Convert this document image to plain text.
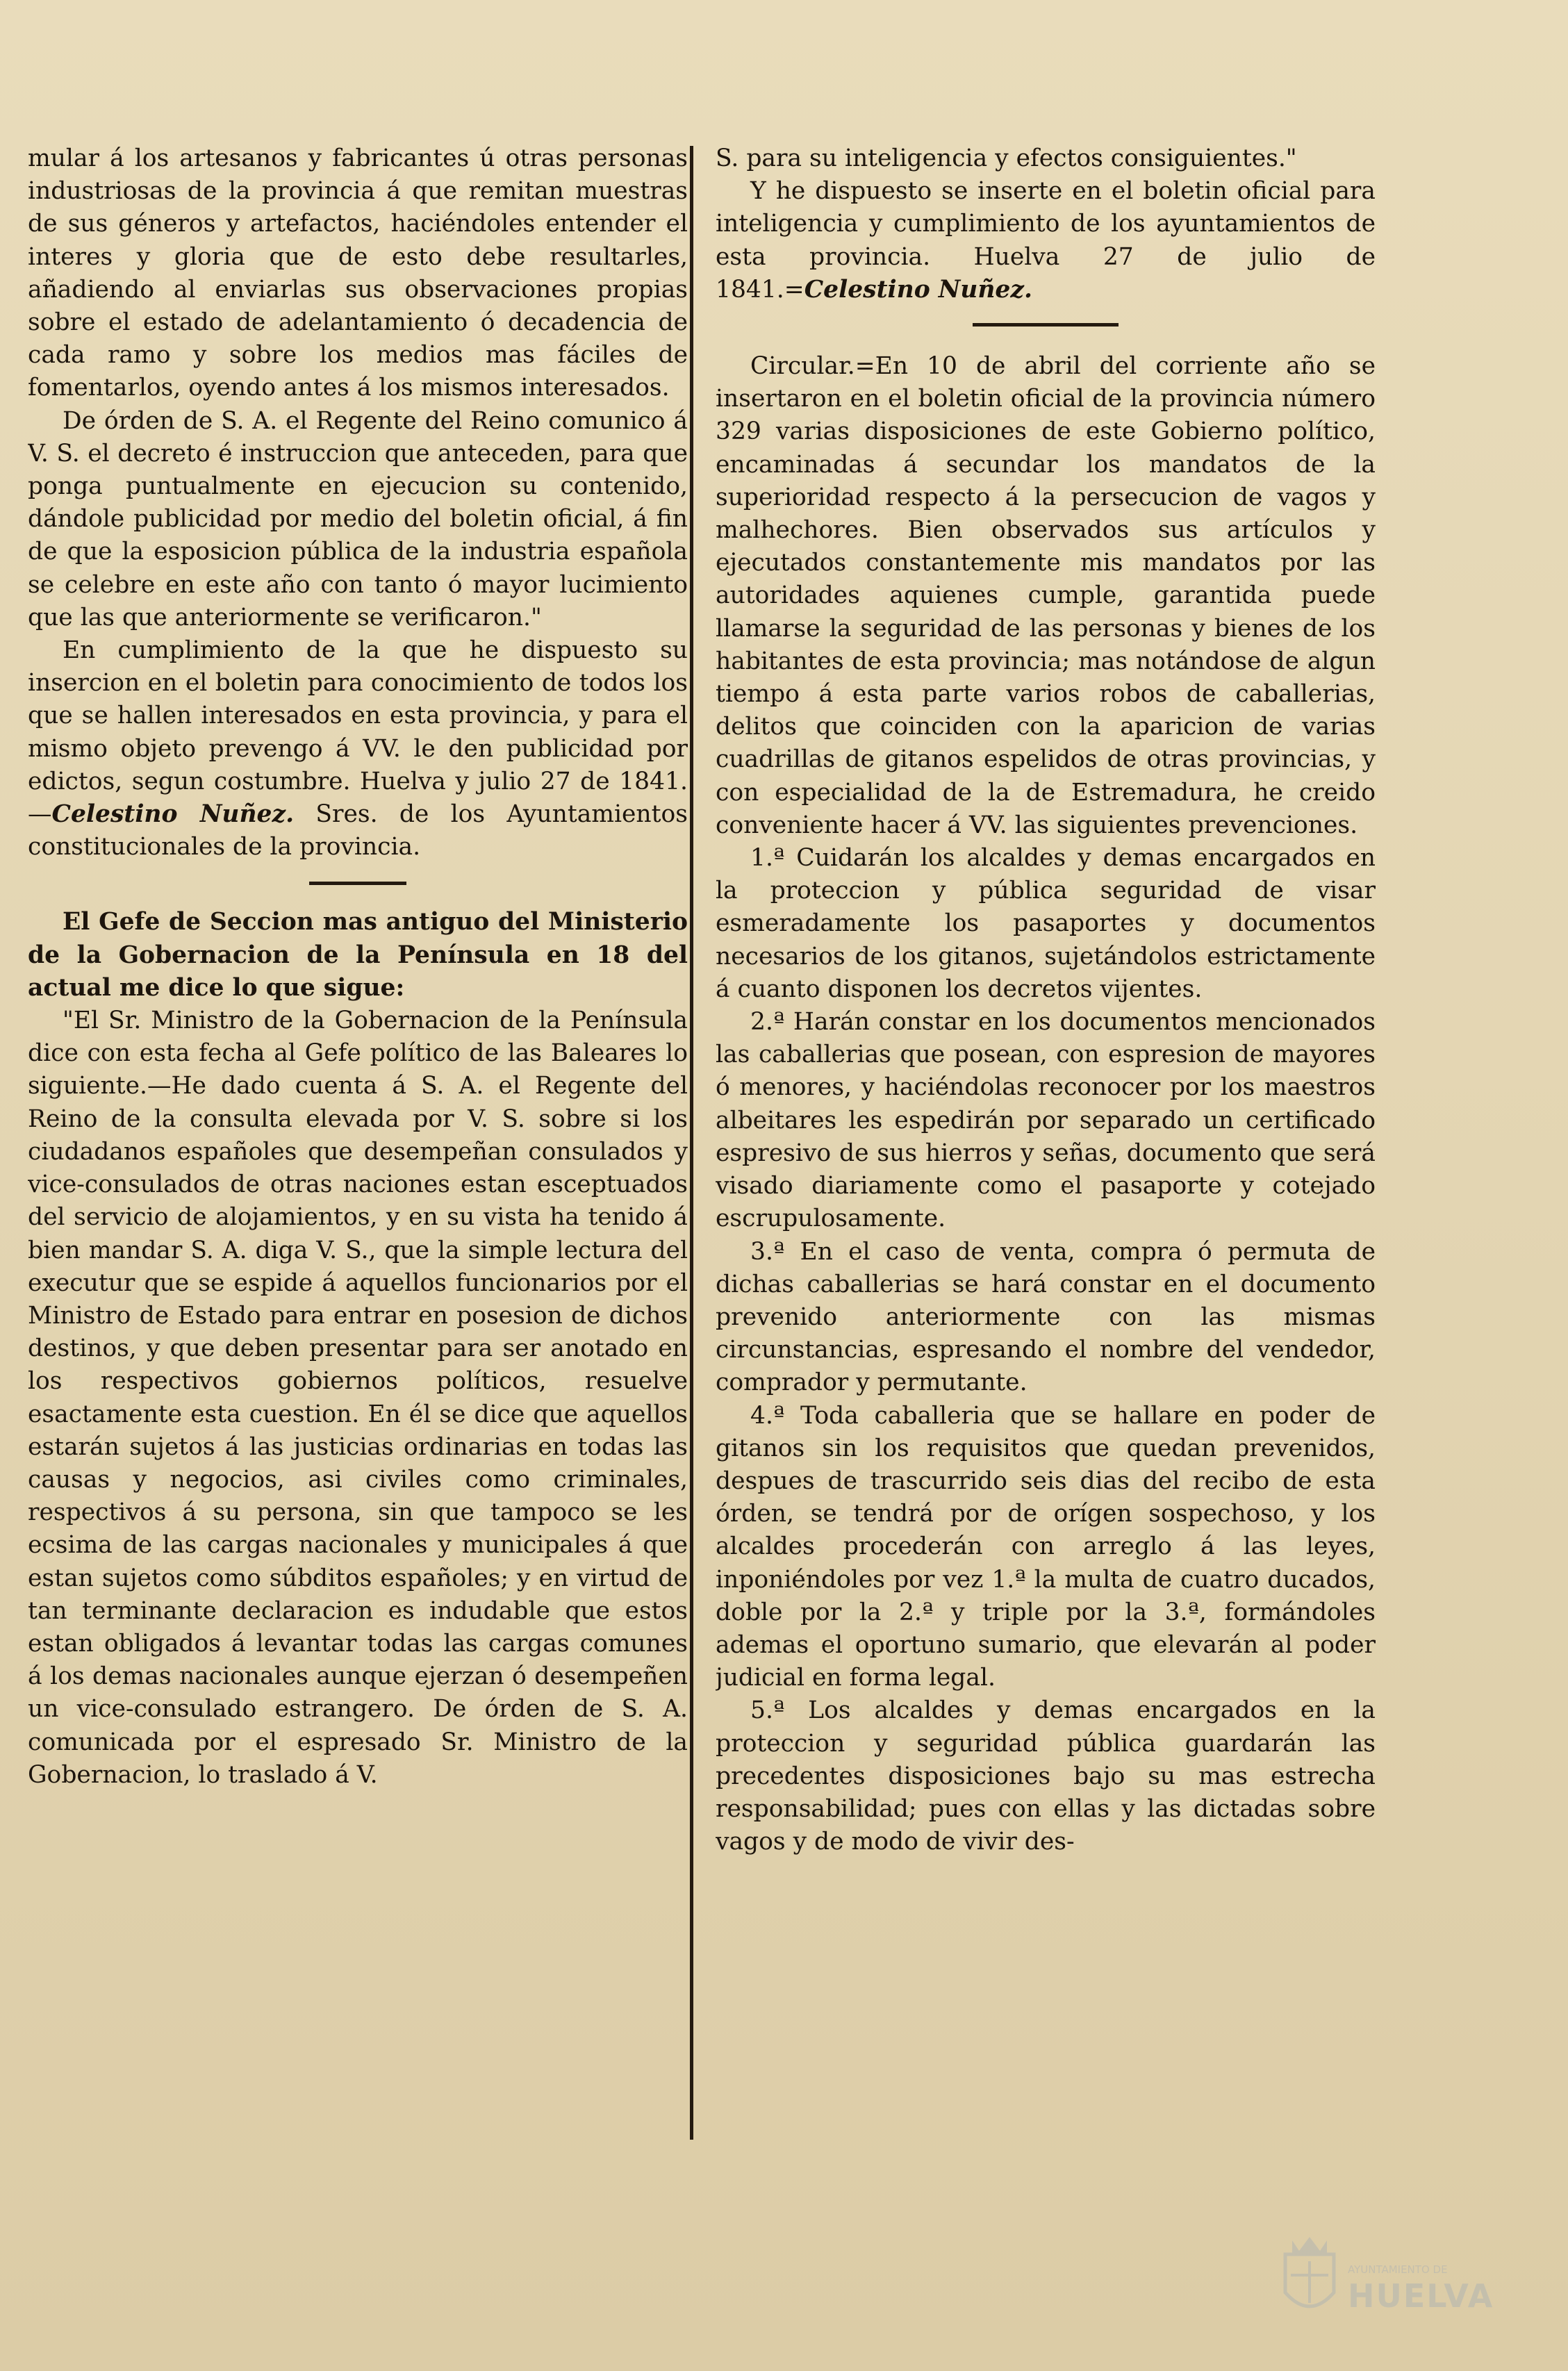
mular á los artesanos y fabricantes ú otras personas industriosas de la provincia á que remitan muestras de sus géneros y artefactos, haciéndoles entender el interes y gloria que de esto debe resultarles, añadiendo al enviarlas sus observaciones propias sobre el estado de adelantamiento ó decadencia de cada ramo y sobre los medios mas fáciles de fomentarlos, oyendo antes á los mismos interesados.

De órden de S. A. el Regente del Reino comunico á V. S. el decreto é instruccion que anteceden, para que ponga puntualmente en ejecucion su contenido, dándole publicidad por medio del boletin oficial, á fin de que la esposicion pública de la industria española se celebre en este año con tanto ó mayor lucimiento que las que anteriormente se verificaron."

En cumplimiento de la que he dispuesto su insercion en el boletin para conocimiento de todos los que se hallen interesados en esta provincia, y para el mismo objeto prevengo á VV. le den publicidad por edictos, segun costumbre. Huelva y julio 27 de 1841.—Celestino Nuñez. Sres. de los Ayuntamientos constitucionales de la provincia.

El Gefe de Seccion mas antiguo del Ministerio de la Gobernacion de la Península en 18 del actual me dice lo que sigue:

"El Sr. Ministro de la Gobernacion de la Península dice con esta fecha al Gefe político de las Baleares lo siguiente.—He dado cuenta á S. A. el Regente del Reino de la consulta elevada por V. S. sobre si los ciudadanos españoles que desempeñan consulados y vice-consulados de otras naciones estan esceptuados del servicio de alojamientos, y en su vista ha tenido á bien mandar S. A. diga V. S., que la simple lectura del executur que se espide á aquellos funcionarios por el Ministro de Estado para entrar en posesion de dichos destinos, y que deben presentar para ser anotado en los respectivos gobiernos políticos, resuelve esactamente esta cuestion. En él se dice que aquellos estarán sujetos á las justicias ordinarias en todas las causas y negocios, asi civiles como criminales, respectivos á su persona, sin que tampoco se les ecsima de las cargas nacionales y municipales á que estan sujetos como súbditos españoles; y en virtud de tan terminante declaracion es indudable que estos estan obligados á levantar todas las cargas comunes á los demas nacionales aunque ejerzan ó desempeñen un vice-consulado estrangero. De órden de S. A. comunicada por el espresado Sr. Ministro de la Gobernacion, lo traslado á V.

S. para su inteligencia y efectos consiguientes."

Y he dispuesto se inserte en el boletin oficial para inteligencia y cumplimiento de los ayuntamientos de esta provincia. Huelva 27 de julio de 1841.=Celestino Nuñez.

Circular.=En 10 de abril del corriente año se insertaron en el boletin oficial de la provincia número 329 varias disposiciones de este Gobierno político, encaminadas á secundar los mandatos de la superioridad respecto á la persecucion de vagos y malhechores. Bien observados sus artículos y ejecutados constantemente mis mandatos por las autoridades aquienes cumple, garantida puede llamarse la seguridad de las personas y bienes de los habitantes de esta provincia; mas notándose de algun tiempo á esta parte varios robos de caballerias, delitos que coinciden con la aparicion de varias cuadrillas de gitanos espelidos de otras provincias, y con especialidad de la de Estremadura, he creido conveniente hacer á VV. las siguientes prevenciones.

1.ª Cuidarán los alcaldes y demas encargados en la proteccion y pública seguridad de visar esmeradamente los pasaportes y documentos necesarios de los gitanos, sujetándolos estrictamente á cuanto disponen los decretos vijentes.

2.ª Harán constar en los documentos mencionados las caballerias que posean, con espresion de mayores ó menores, y haciéndolas reconocer por los maestros albeitares les espedirán por separado un certificado espresivo de sus hierros y señas, documento que será visado diariamente como el pasaporte y cotejado escrupulosamente.

3.ª En el caso de venta, compra ó permuta de dichas caballerias se hará constar en el documento prevenido anteriormente con las mismas circunstancias, espresando el nombre del vendedor, comprador y permutante.

4.ª Toda caballeria que se hallare en poder de gitanos sin los requisitos que quedan prevenidos, despues de trascurrido seis dias del recibo de esta órden, se tendrá por de orígen sospechoso, y los alcaldes procederán con arreglo á las leyes, inponiéndoles por vez 1.ª la multa de cuatro ducados, doble por la 2.ª y triple por la 3.ª, formándoles ademas el oportuno sumario, que elevarán al poder judicial en forma legal.

5.ª Los alcaldes y demas encargados en la proteccion y seguridad pública guardarán las precedentes disposiciones bajo su mas estrecha responsabilidad; pues con ellas y las dictadas sobre vagos y de modo de vivir des-

AYUNTAMIENTO DE
HUELVA
